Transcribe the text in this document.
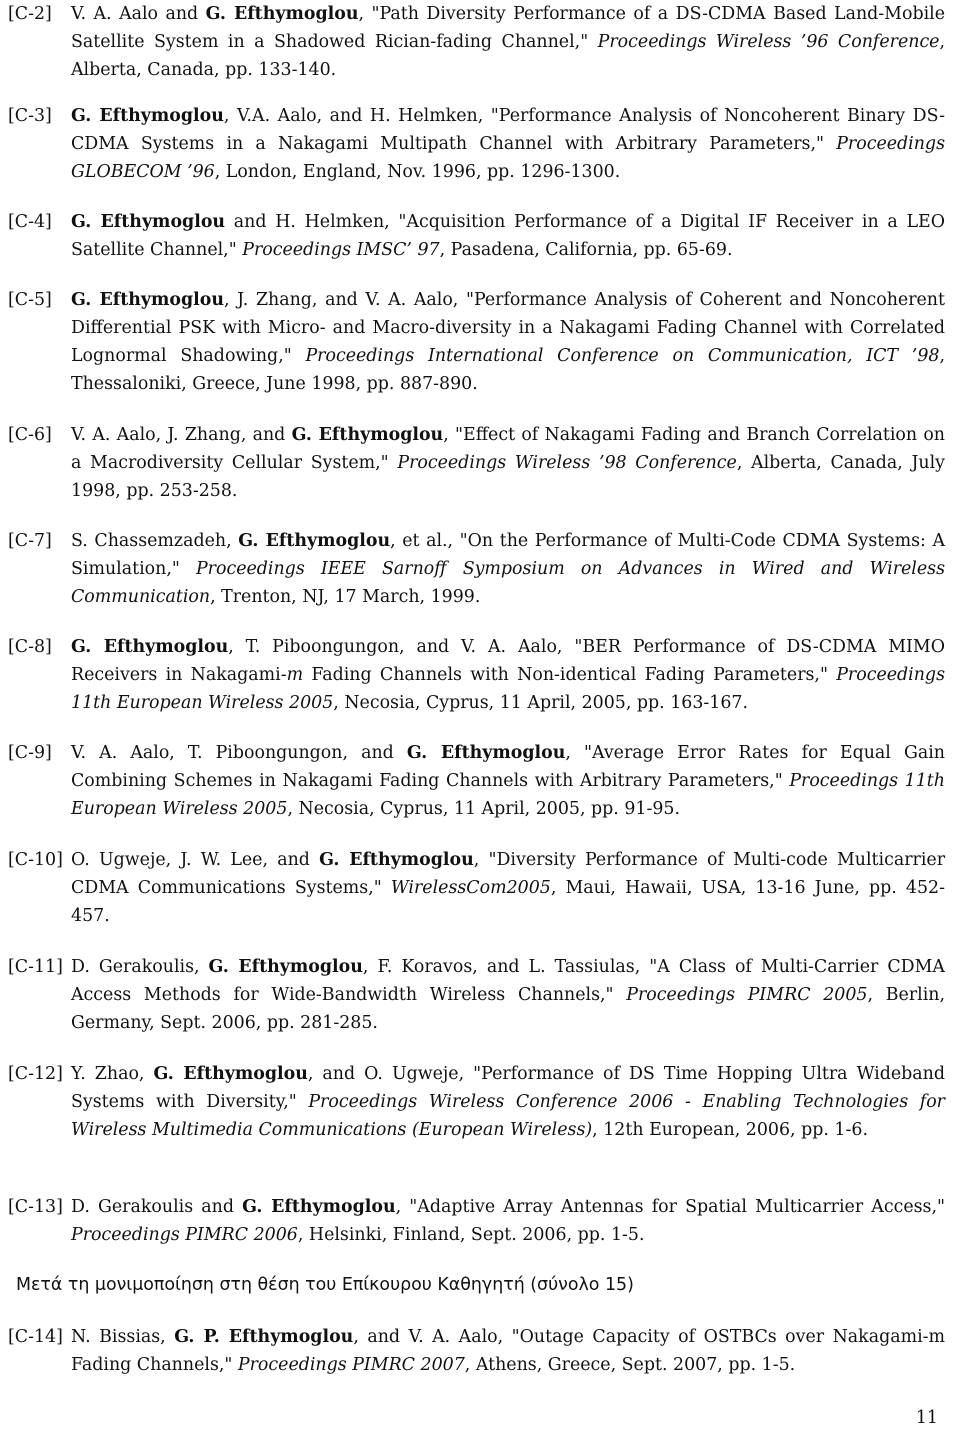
[C-2]	V. A. Aalo and G. Efthymoglou, "Path Diversity Performance of a DS-CDMA Based Land-Mobile Satellite System in a Shadowed Rician-fading Channel," Proceedings Wireless ’96 Conference, Alberta, Canada, pp. 133-140.
[C-3]	G. Efthymoglou, V.A. Aalo, and H. Helmken, "Performance Analysis of Noncoherent Binary DS-CDMA Systems in a Nakagami Multipath Channel with Arbitrary Parameters," Proceedings GLOBECOM ’96, London, England, Nov. 1996, pp. 1296-1300.
[C-4]	G. Efthymoglou and H. Helmken, "Acquisition Performance of a Digital IF Receiver in a LEO Satellite Channel," Proceedings IMSC’ 97, Pasadena, California, pp. 65-69.
[C-5]	G. Efthymoglou, J. Zhang, and V. A. Aalo, "Performance Analysis of Coherent and Noncoherent Differential PSK with Micro- and Macro-diversity in a Nakagami Fading Channel with Correlated Lognormal Shadowing," Proceedings International Conference on Communication, ICT ’98, Thessaloniki, Greece, June 1998, pp. 887-890.
[C-6]	V. A. Aalo, J. Zhang, and G. Efthymoglou, "Effect of Nakagami Fading and Branch Correlation on a Macrodiversity Cellular System," Proceedings Wireless ’98 Conference, Alberta, Canada, July 1998, pp. 253-258.
[C-7]	S. Chassemzadeh, G. Efthymoglou, et al., "On the Performance of Multi-Code CDMA Systems: A Simulation," Proceedings IEEE Sarnoff Symposium on Advances in Wired and Wireless Communication, Trenton, NJ, 17 March, 1999.
[C-8]	G. Efthymoglou, T. Piboongungon, and V. A. Aalo, "BER Performance of DS-CDMA MIMO Receivers in Nakagami-m Fading Channels with Non-identical Fading Parameters," Proceedings 11th European Wireless 2005, Necosia, Cyprus, 11 April, 2005, pp. 163-167.
[C-9]	V. A. Aalo, T. Piboongungon, and G. Efthymoglou, "Average Error Rates for Equal Gain Combining Schemes in Nakagami Fading Channels with Arbitrary Parameters," Proceedings 11th European Wireless 2005, Necosia, Cyprus, 11 April, 2005, pp. 91-95.
[C-10] O. Ugweje, J. W. Lee, and G. Efthymoglou, "Diversity Performance of Multi-code Multicarrier CDMA Communications Systems," WirelessCom2005, Maui, Hawaii, USA, 13-16 June, pp. 452-457.
[C-11] D. Gerakoulis, G. Efthymoglou, F. Koravos, and L. Tassiulas, "A Class of Multi-Carrier CDMA Access Methods for Wide-Bandwidth Wireless Channels," Proceedings PIMRC 2005, Berlin, Germany, Sept. 2006, pp. 281-285.
[C-12] Y. Zhao, G. Efthymoglou, and O. Ugweje, "Performance of DS Time Hopping Ultra Wideband Systems with Diversity," Proceedings Wireless Conference 2006 - Enabling Technologies for Wireless Multimedia Communications (European Wireless), 12th European, 2006, pp. 1-6.
[C-13] D. Gerakoulis and G. Efthymoglou, "Adaptive Array Antennas for Spatial Multicarrier Access," Proceedings PIMRC 2006, Helsinki, Finland, Sept. 2006, pp. 1-5.
Μετά τη μονιμοποίηση στη θέση του Επίκουρου Καθηγητή (σύνολο 15)
[C-14] N. Bissias, G. P. Efthymoglou, and V. A. Aalo, "Outage Capacity of OSTBCs over Nakagami-m Fading Channels," Proceedings PIMRC 2007, Athens, Greece, Sept. 2007, pp. 1-5.
11
